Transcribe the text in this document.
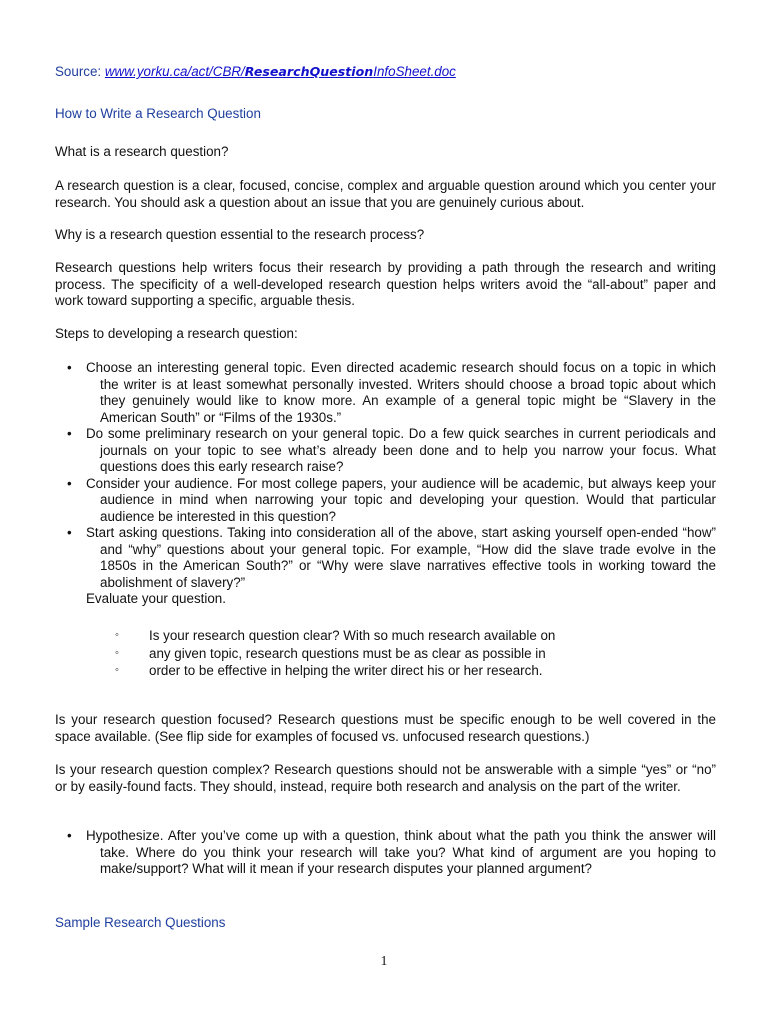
Source: www.yorku.ca/act/CBR/ResearchQuestionInfoSheet.doc

How to Write a Research Question

What is a research question?

A research question is a clear, focused, concise, complex and arguable question around which you center your research. You should ask a question about an issue that you are genuinely curious about.

Why is a research question essential to the research process?

Research questions help writers focus their research by providing a path through the research and writing process. The specificity of a well-developed research question helps writers avoid the “all-about” paper and work toward supporting a specific, arguable thesis.

Steps to developing a research question:

• Choose an interesting general topic. Even directed academic research should focus on a topic in which the writer is at least somewhat personally invested. Writers should choose a broad topic about which they genuinely would like to know more. An example of a general topic might be “Slavery in the American South” or “Films of the 1930s.”
• Do some preliminary research on your general topic. Do a few quick searches in current periodicals and journals on your topic to see what’s already been done and to help you narrow your focus. What questions does this early research raise?
• Consider your audience. For most college papers, your audience will be academic, but always keep your audience in mind when narrowing your topic and developing your question. Would that particular audience be interested in this question?
• Start asking questions. Taking into consideration all of the above, start asking yourself open-ended “how” and “why” questions about your general topic. For example, “How did the slave trade evolve in the 1850s in the American South?” or “Why were slave narratives effective tools in working toward the abolishment of slavery?”
Evaluate your question.
◦ Is your research question clear? With so much research available on
◦ any given topic, research questions must be as clear as possible in
◦ order to be effective in helping the writer direct his or her research.

Is your research question focused? Research questions must be specific enough to be well covered in the space available. (See flip side for examples of focused vs. unfocused research questions.)

Is your research question complex? Research questions should not be answerable with a simple “yes” or “no” or by easily-found facts. They should, instead, require both research and analysis on the part of the writer.

• Hypothesize. After you’ve come up with a question, think about what the path you think the answer will take. Where do you think your research will take you? What kind of argument are you hoping to make/support? What will it mean if your research disputes your planned argument?

Sample Research Questions

1
